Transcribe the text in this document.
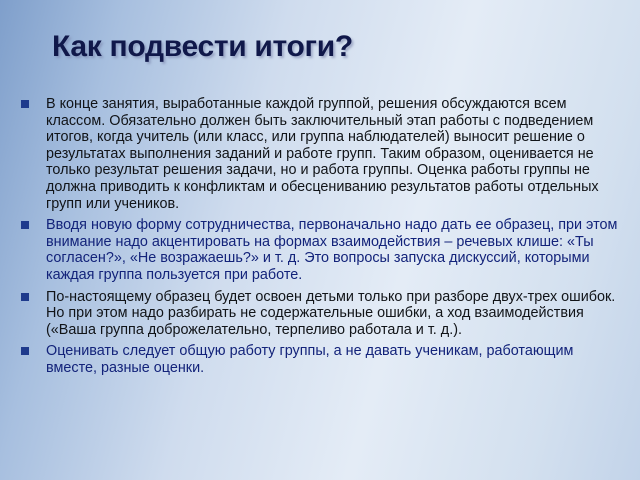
Как подвести итоги?
В конце занятия, выработанные каждой группой, решения обсуждаются всем классом. Обязательно должен быть заключительный этап работы с подведением итогов, когда учитель (или класс, или группа наблюдателей) выносит решение о результатах выполнения заданий и работе групп. Таким образом, оценивается не только результат решения задачи, но и работа группы. Оценка работы группы не должна приводить к конфликтам и обесцениванию результатов работы отдельных групп или учеников.
Вводя новую форму сотрудничества, первоначально надо дать ее образец, при этом внимание надо акцентировать на формах взаимодействия – речевых клише: «Ты согласен?», «Не возражаешь?» и т. д. Это вопросы запуска дискуссий, которыми каждая группа пользуется при работе.
По-настоящему образец будет освоен детьми только при разборе двух-трех ошибок. Но при этом надо разбирать не содержательные ошибки, а ход взаимодействия («Ваша группа доброжелательно, терпеливо работала и т. д.).
Оценивать следует общую работу группы, а не давать ученикам, работающим вместе, разные оценки.
